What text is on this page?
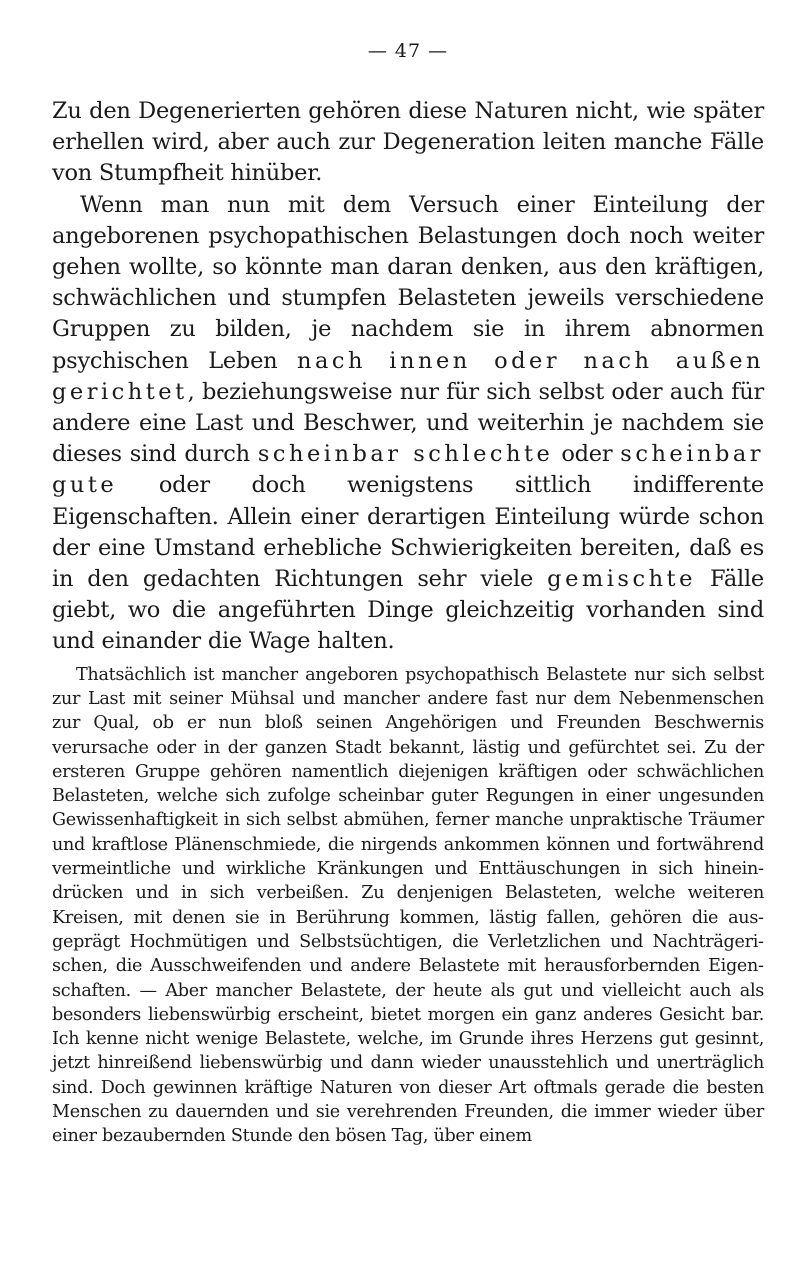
— 47 —

Zu den Degenerierten gehören diese Naturen nicht, wie später erhellen wird, aber auch zur Degeneration leiten manche Fälle von Stumpfheit hinüber.

Wenn man nun mit dem Versuch einer Einteilung der angeborenen psychopathischen Belastungen doch noch weiter gehen wollte, so könnte man daran denken, aus den kräftigen, schwächlichen und stumpfen Belasteten jeweils verschiedene Gruppen zu bilden, je nachdem sie in ihrem abnormen psychischen Leben nach innen oder nach außen gerichtet, beziehungsweise nur für sich selbst oder auch für andere eine Last und Beschwer, und weiterhin je nachdem sie dieses sind durch scheinbar schlechte oder scheinbar gute oder doch wenigstens sittlich indifferente Eigenschaften. Allein einer derartigen Einteilung würde schon der eine Umstand erhebliche Schwierigkeiten bereiten, daß es in den gedachten Richtungen sehr viele gemischte Fälle giebt, wo die angeführten Dinge gleichzeitig vorhanden sind und einander die Wage halten.

Thatsächlich ist mancher angeboren psychopathisch Belastete nur sich selbst zur Last mit seiner Mühsal und mancher andere fast nur dem Nebenmenschen zur Qual, ob er nun bloß seinen Angehörigen und Freunden Beschwernis verursache oder in der ganzen Stadt bekannt, lästig und gefürchtet sei. Zu der ersteren Gruppe gehören namentlich diejenigen kräftigen oder schwächlichen Belasteten, welche sich zufolge scheinbar guter Regungen in einer ungesunden Gewissenhaftigkeit in sich selbst abmühen, ferner manche unpraktische Träumer und kraftlose Plänenschmiede, die nirgends ankommen können und fortwährend vermeintliche und wirkliche Kränkungen und Enttäuschungen in sich hineindrücken und in sich verbeißen. Zu denjenigen Belasteten, welche weiteren Kreisen, mit denen sie in Berührung kommen, lästig fallen, gehören die ausgeprägt Hochmütigen und Selbstsüchtigen, die Verletzlichen und Nachträgerischen, die Ausschweifenden und andere Belastete mit herausforbernden Eigenschaften. — Aber mancher Belastete, der heute als gut und vielleicht auch als besonders liebenswürbig erscheint, bietet morgen ein ganz anderes Gesicht bar. Ich kenne nicht wenige Belastete, welche, im Grunde ihres Herzens gut gesinnt, jetzt hinreißend liebenswürbig und dann wieder unausstehlich und unerträglich sind. Doch gewinnen kräftige Naturen von dieser Art oftmals gerade die besten Menschen zu dauernden und sie verehrenden Freunden, die immer wieder über einer bezaubernden Stunde den bösen Tag, über einem
